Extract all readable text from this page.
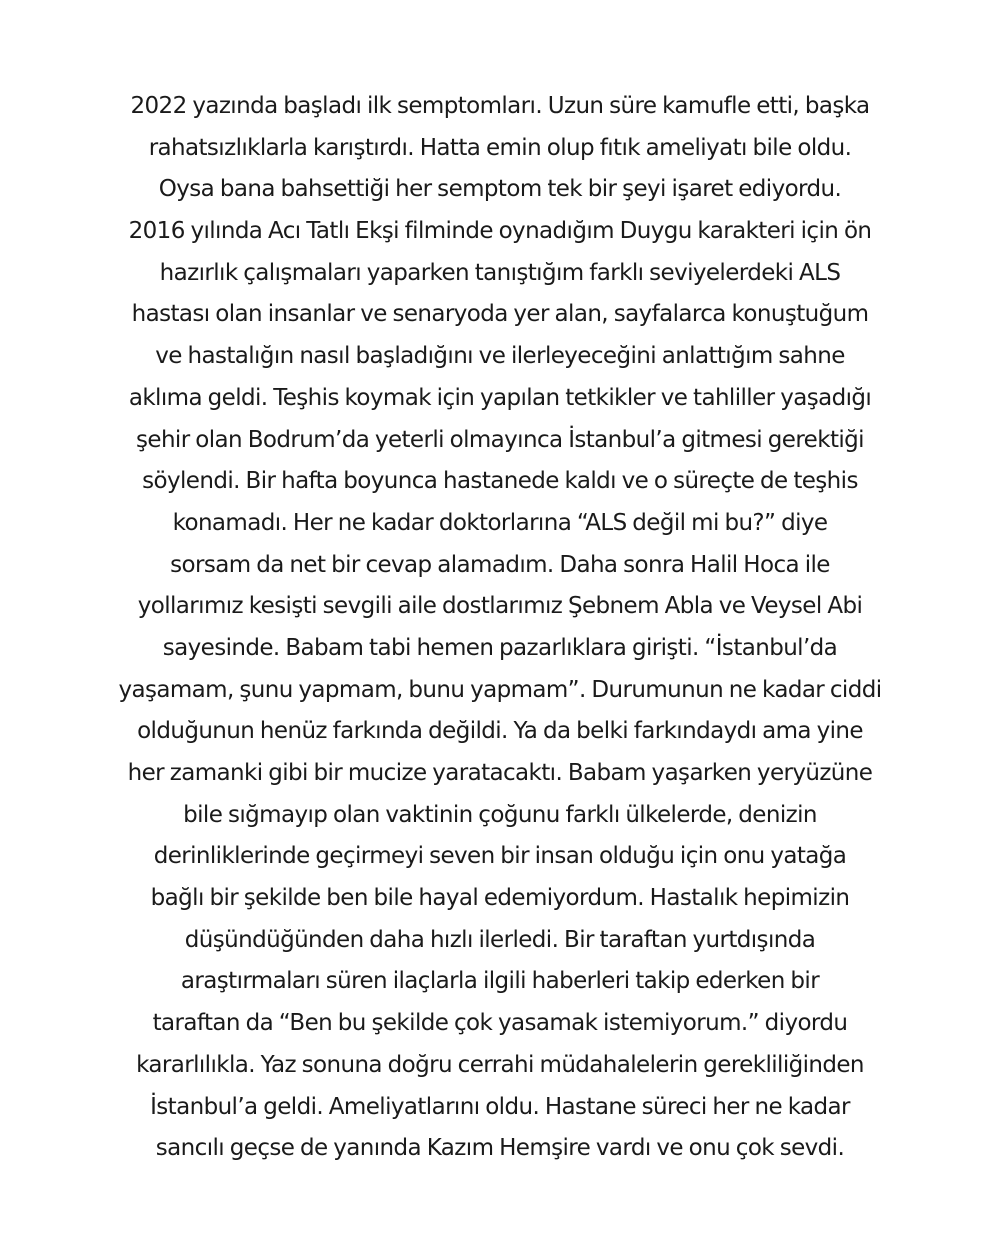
2022 yazında başladı ilk semptomları. Uzun süre kamufle etti, başka
rahatsızlıklarla karıştırdı. Hatta emin olup fıtık ameliyatı bile oldu.
Oysa bana bahsettiği her semptom tek bir şeyi işaret ediyordu.
2016 yılında Acı Tatlı Ekşi filminde oynadığım Duygu karakteri için ön
hazırlık çalışmaları yaparken tanıştığım farklı seviyelerdeki ALS
hastası olan insanlar ve senaryoda yer alan, sayfalarca konuştuğum
ve hastalığın nasıl başladığını ve ilerleyeceğini anlattığım sahne
aklıma geldi. Teşhis koymak için yapılan tetkikler ve tahliller yaşadığı
şehir olan Bodrum’da yeterli olmayınca İstanbul’a gitmesi gerektiği
söylendi. Bir hafta boyunca hastanede kaldı ve o süreçte de teşhis
konamadı. Her ne kadar doktorlarına “ALS değil mi bu?” diye
sorsam da net bir cevap alamadım. Daha sonra Halil Hoca ile
yollarımız kesişti sevgili aile dostlarımız Şebnem Abla ve Veysel Abi
sayesinde. Babam tabi hemen pazarlıklara girişti. “İstanbul’da
yaşamam, şunu yapmam, bunu yapmam”. Durumunun ne kadar ciddi
olduğunun henüz farkında değildi. Ya da belki farkındaydı ama yine
her zamanki gibi bir mucize yaratacaktı. Babam yaşarken yeryüzüne
bile sığmayıp olan vaktinin çoğunu farklı ülkelerde, denizin
derinliklerinde geçirmeyi seven bir insan olduğu için onu yatağa
bağlı bir şekilde ben bile hayal edemiyordum. Hastalık hepimizin
düşündüğünden daha hızlı ilerledi. Bir taraftan yurtdışında
araştırmaları süren ilaçlarla ilgili haberleri takip ederken bir
taraftan da “Ben bu şekilde çok yasamak istemiyorum.” diyordu
kararlılıkla. Yaz sonuna doğru cerrahi müdahalelerin gerekliliğinden
İstanbul’a geldi. Ameliyatlarını oldu. Hastane süreci her ne kadar
sancılı geçse de yanında Kazım Hemşire vardı ve onu çok sevdi.
